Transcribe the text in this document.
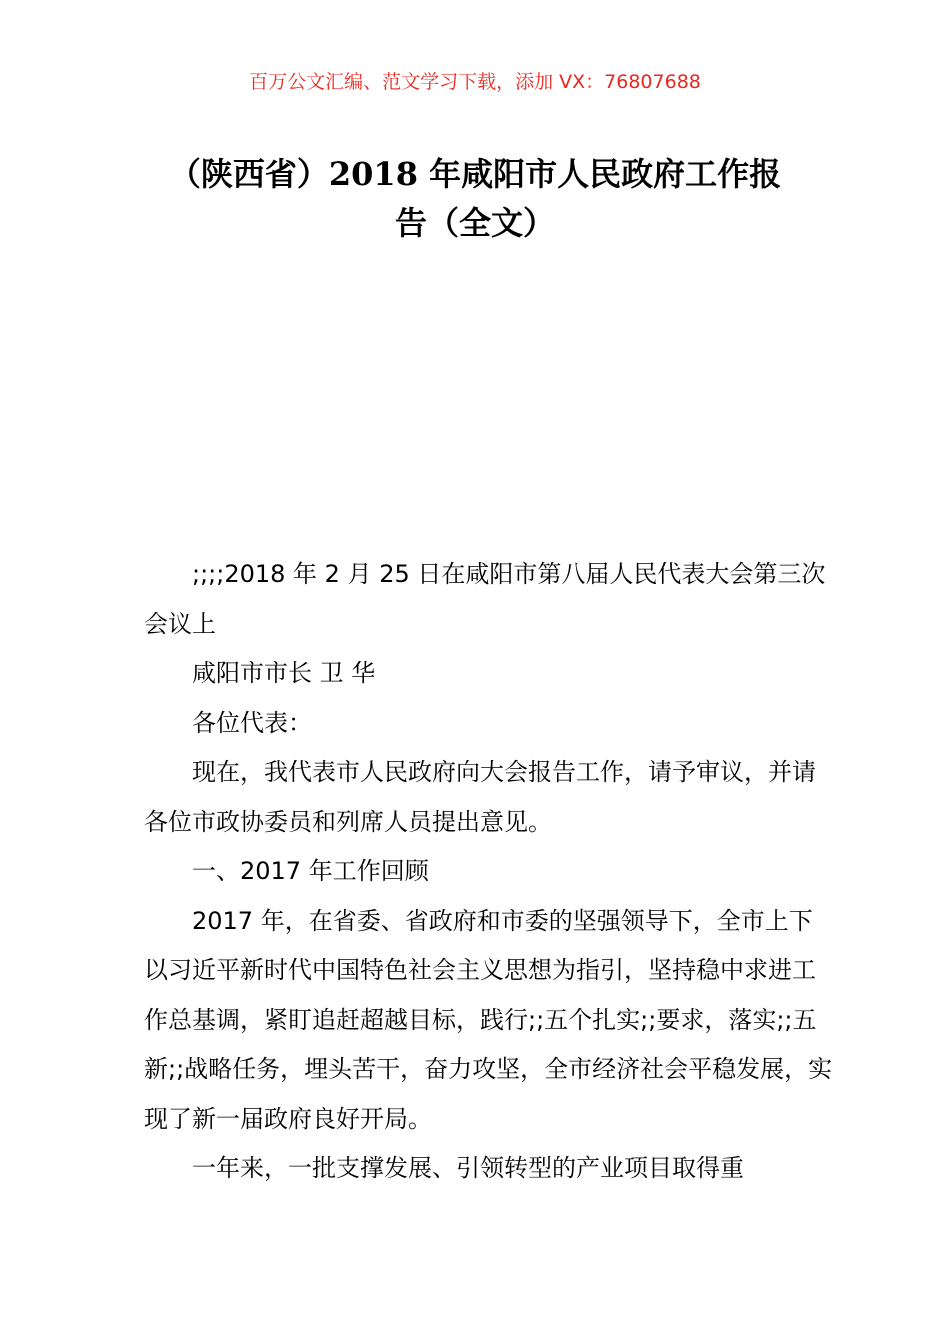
百万公文汇编、范文学习下载，添加 VX：76807688
（陕西省）2018 年咸阳市人民政府工作报
告（全文）

;;;;2018 年 2 月 25 日在咸阳市第八届人民代表大会第三次会议上

咸阳市市长 卫 华

各位代表：

现在，我代表市人民政府向大会报告工作，请予审议，并请各位市政协委员和列席人员提出意见。

一、2017 年工作回顾

2017 年，在省委、省政府和市委的坚强领导下，全市上下以习近平新时代中国特色社会主义思想为指引，坚持稳中求进工作总基调，紧盯追赶超越目标，践行;;五个扎实;;要求，落实;;五新;;战略任务，埋头苦干，奋力攻坚，全市经济社会平稳发展，实现了新一届政府良好开局。

一年来，一批支撑发展、引领转型的产业项目取得重
